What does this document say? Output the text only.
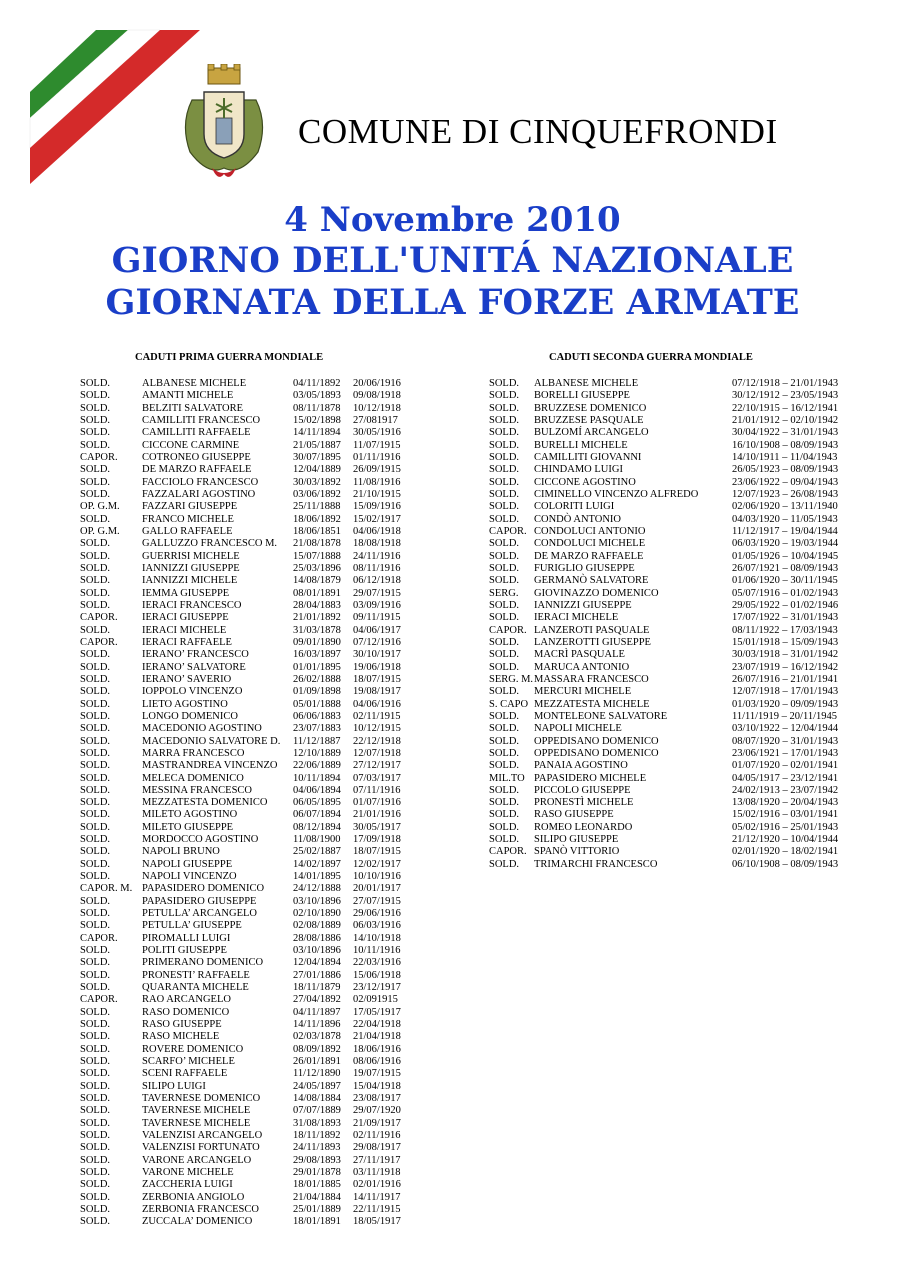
COMUNE DI CINQUEFRONDI
4 Novembre 2010
GIORNO DELL'UNITÁ NAZIONALE
GIORNATA DELLA FORZE ARMATE
CADUTI PRIMA GUERRA MONDIALE	CADUTI SECONDA GUERRA MONDIALE
SOLD.	ALBANESE MICHELE	04/11/1892 20/06/1916
SOLD.	AMANTI MICHELE	03/05/1893 09/08/1918
SOLD.	BELZITI SALVATORE	08/11/1878 10/12/1918
SOLD.	CAMILLITI FRANCESCO	15/02/1898 27/081917
SOLD.	CAMILLITI RAFFAELE	14/11/1894 30/05/1916
SOLD.	CICCONE CARMINE	21/05/1887 11/07/1915
CAPOR. COTRONEO GIUSEPPE	30/07/1895 01/11/1916
SOLD.	DE MARZO RAFFAELE	12/04/1889 26/09/1915
SOLD.	FACCIOLO FRANCESCO	30/03/1892 11/08/1916
SOLD.	FAZZALARI AGOSTINO	03/06/1892 21/10/1915
OP. G.M. FAZZARI GIUSEPPE	25/11/1888 15/09/1916
SOLD.	FRANCO MICHELE	18/06/1892 15/02/1917
OP. G.M. GALLO RAFFAELE	18/06/1851 04/06/1918
SOLD.	GALLUZZO FRANCESCO M. 21/08/1878 18/08/1918
SOLD.	GUERRISI MICHELE	15/07/1888 24/11/1916
SOLD.	IANNIZZI GIUSEPPE	25/03/1896 08/11/1916
SOLD.	IANNIZZI MICHELE	14/08/1879 06/12/1918
SOLD.	IEMMA GIUSEPPE	08/01/1891 29/07/1915
SOLD.	IERACI FRANCESCO	28/04/1883 03/09/1916
CAPOR. IERACI GIUSEPPE	21/01/1892 09/11/1915
SOLD.	IERACI MICHELE	31/03/1878 04/06/1917
CAPOR. IERACI RAFFAELE	09/01/1890 07/12/1916
SOLD.	IERANO’ FRANCESCO	16/03/1897 30/10/1917
SOLD.	IERANO’ SALVATORE	01/01/1895 19/06/1918
SOLD.	IERANO’ SAVERIO	26/02/1888 18/07/1915
SOLD.	IOPPOLO VINCENZO	01/09/1898 19/08/1917
SOLD.	LIETO AGOSTINO	05/01/1888 04/06/1916
SOLD.	LONGO DOMENICO	06/06/1883 02/11/1915
SOLD.	MACEDONIO AGOSTINO	23/07/1883 10/12/1915
SOLD.	MACEDONIO SALVATORE D. 11/12/1887 22/12/1918
SOLD.	MARRA FRANCESCO	12/10/1889 12/07/1918
SOLD.	MASTRANDREA VINCENZO 22/06/1889 27/12/1917
SOLD.	MELECA DOMENICO	10/11/1894 07/03/1917
SOLD.	MESSINA FRANCESCO	04/06/1894 07/11/1916
SOLD.	MEZZATESTA DOMENICO 06/05/1895 01/07/1916
SOLD.	MILETO AGOSTINO	06/07/1894 21/01/1916
SOLD.	MILETO GIUSEPPE	08/12/1894 30/05/1917
SOLD.	MORDOCCO AGOSTINO	11/08/1900 17/09/1918
SOLD.	NAPOLI BRUNO	25/02/1887 18/07/1915
SOLD.	NAPOLI GIUSEPPE	14/02/1897 12/02/1917
SOLD.	NAPOLI VINCENZO	14/01/1895 10/10/1916
CAPOR. M. PAPASIDERO DOMENICO	24/12/1888 20/01/1917
SOLD.	PAPASIDERO GIUSEPPE	03/10/1896 27/07/1915
SOLD.	PETULLA’ ARCANGELO	02/10/1890 29/06/1916
SOLD.	PETULLA’ GIUSEPPE	02/08/1889 06/03/1916
CAPOR. PIROMALLI LUIGI	28/08/1886 14/10/1918
SOLD.	POLITI GIUSEPPE	03/10/1896 10/11/1916
SOLD.	PRIMERANO DOMENICO	12/04/1894 22/03/1916
SOLD.	PRONESTI’ RAFFAELE	27/01/1886 15/06/1918
SOLD.	QUARANTA MICHELE	18/11/1879 23/12/1917
CAPOR. RAO ARCANGELO	27/04/1892 02/091915
SOLD.	RASO DOMENICO	04/11/1897 17/05/1917
SOLD.	RASO GIUSEPPE	14/11/1896 22/04/1918
SOLD.	RASO MICHELE	02/03/1878 21/04/1918
SOLD.	ROVERE DOMENICO	08/09/1892 18/06/1916
SOLD.	SCARFO’ MICHELE	26/01/1891 08/06/1916
SOLD.	SCENI RAFFAELE	11/12/1890 19/07/1915
SOLD.	SILIPO LUIGI	24/05/1897 15/04/1918
SOLD.	TAVERNESE DOMENICO	14/08/1884 23/08/1917
SOLD.	TAVERNESE MICHELE	07/07/1889 29/07/1920
SOLD.	TAVERNESE MICHELE	31/08/1893 21/09/1917
SOLD.	VALENZISI ARCANGELO	18/11/1892 02/11/1916
SOLD.	VALENZISI FORTUNATO	24/11/1893 29/08/1917
SOLD.	VARONE ARCANGELO	29/08/1893 27/11/1917
SOLD.	VARONE MICHELE	29/01/1878 03/11/1918
SOLD.	ZACCHERIA LUIGI	18/01/1885 02/01/1916
SOLD.	ZERBONIA ANGIOLO	21/04/1884 14/11/1917
SOLD.	ZERBONIA FRANCESCO	25/01/1889 22/11/1915
SOLD.	ZUCCALA’ DOMENICO	18/01/1891 18/05/1917
SOLD. ALBANESE MICHELE	07/12/1918 – 21/01/1943
SOLD. BORELLI GIUSEPPE	30/12/1912 – 23/05/1943
SOLD. BRUZZESE DOMENICO	22/10/1915 – 16/12/1941
SOLD. BRUZZESE PASQUALE	21/01/1912 – 02/10/1942
SOLD. BULZOMÍ ARCANGELO	30/04/1922 – 31/01/1943
SOLD. BURELLI MICHELE	16/10/1908 – 08/09/1943
SOLD. CAMILLITI GIOVANNI	14/10/1911 – 11/04/1943
SOLD. CHINDAMO LUIGI	26/05/1923 – 08/09/1943
SOLD. CICCONE AGOSTINO	23/06/1922 – 09/04/1943
SOLD. CIMINELLO VINCENZO ALFREDO	12/07/1923 – 26/08/1943
SOLD. COLORITI LUIGI	02/06/1920 – 13/11/1940
SOLD. CONDÒ ANTONIO	04/03/1920 – 11/05/1943
CAPOR. CONDOLUCI ANTONIO	11/12/1917 – 19/04/1944
SOLD. CONDOLUCI MICHELE	06/03/1920 – 19/03/1944
SOLD. DE MARZO RAFFAELE	01/05/1926 – 10/04/1945
SOLD. FURIGLIO GIUSEPPE	26/07/1921 – 08/09/1943
SOLD. GERMANÒ SALVATORE	01/06/1920 – 30/11/1945
SERG. GIOVINAZZO DOMENICO	05/07/1916 – 01/02/1943
SOLD. IANNIZZI GIUSEPPE	29/05/1922 – 01/02/1946
SOLD. IERACI MICHELE	17/07/1922 – 31/01/1943
CAPOR. LANZEROTI PASQUALE	08/11/1922 – 17/03/1943
SOLD. LANZEROTTI GIUSEPPE	15/01/1918 – 15/09/1943
SOLD. MACRÌ PASQUALE	30/03/1918 – 31/01/1942
SOLD. MARUCA ANTONIO	23/07/1919 – 16/12/1942
SERG. M. MASSARA FRANCESCO	26/07/1916 – 21/01/1941
SOLD. MERCURI MICHELE	12/07/1918 – 17/01/1943
S. CAPO MEZZATESTA MICHELE	01/03/1920 – 09/09/1943
SOLD. MONTELEONE SALVATORE	11/11/1919 – 20/11/1945
SOLD. NAPOLI MICHELE	03/10/1922 – 12/04/1944
SOLD. OPPEDISANO DOMENICO	08/07/1920 – 31/01/1943
SOLD. OPPEDISANO DOMENICO	23/06/1921 – 17/01/1943
SOLD. PANAIA AGOSTINO	01/07/1920 – 02/01/1941
MIL.TO PAPASIDERO MICHELE	04/05/1917 – 23/12/1941
SOLD. PICCOLO GIUSEPPE	24/02/1913 – 23/07/1942
SOLD. PRONESTÌ MICHELE	13/08/1920 – 20/04/1943
SOLD. RASO GIUSEPPE	15/02/1916 – 03/01/1941
SOLD. ROMEO LEONARDO	05/02/1916 – 25/01/1943
SOLD. SILIPO GIUSEPPE	21/12/1920 – 10/04/1944
CAPOR. SPANÒ VITTORIO	02/01/1920 – 18/02/1941
SOLD. TRIMARCHI FRANCESCO	06/10/1908 – 08/09/1943
